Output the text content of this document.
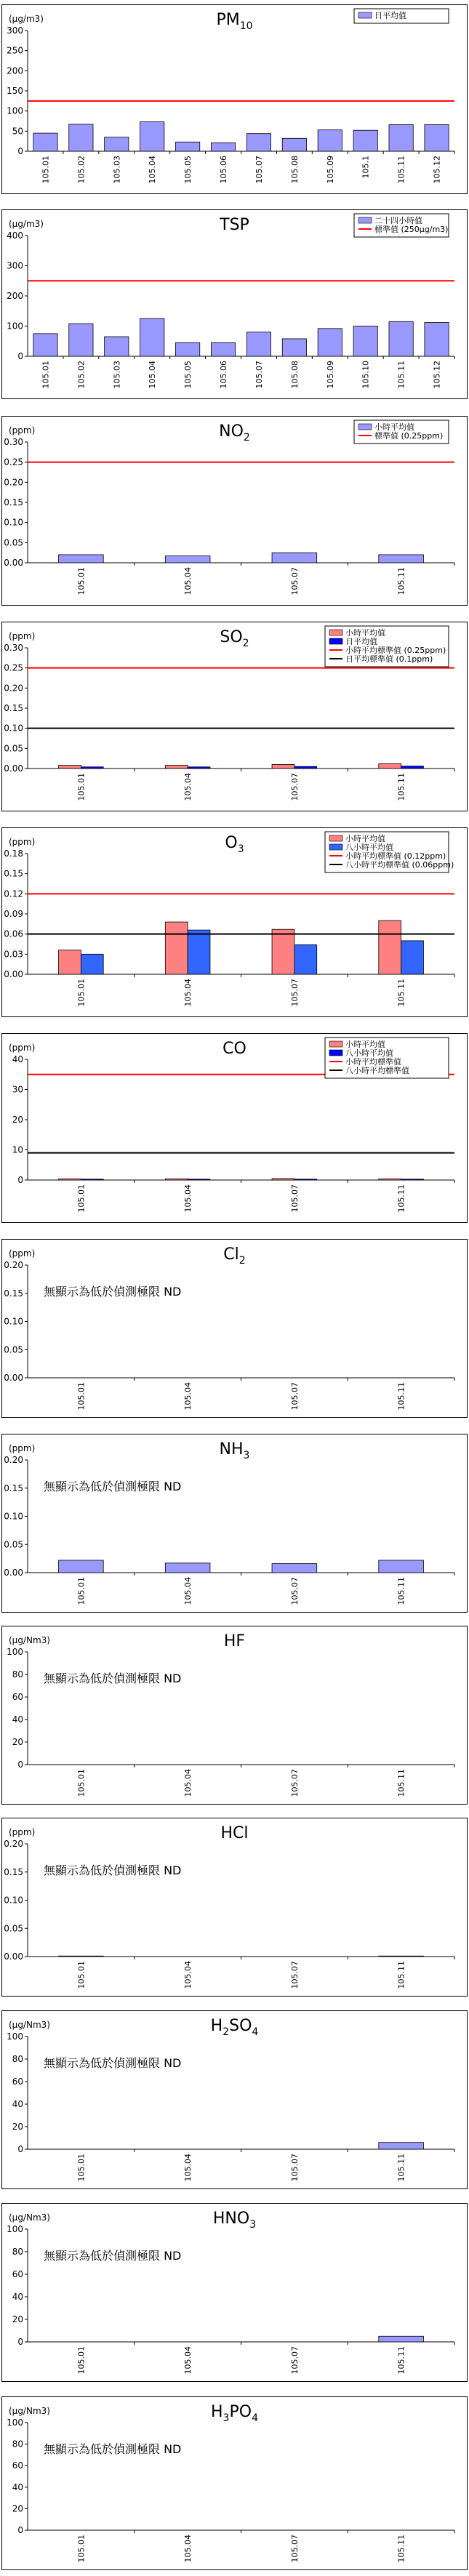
$PM_{10}$
(μg/m3)
0
50
100
150
200
250
300
105.01	105.02	105.03	105.04	105.05	105.06	105.07	105.08	105.09	105.1	105.11	105.12
日平均值
TSP
(μg/m3)
0
100
200
300
400
105.01	105.02	105.03	105.04	105.05	105.06	105.07	105.08	105.09	105.10	105.11	105.12
二十四小時值
標準值 (250μg/m3)
$NO_2$
(ppm)
0.00
0.05
0.10
0.15
0.20
0.25
0.30
105.01	105.04	105.07	105.11
小時平均值
標準值 (0.25ppm)
$SO_2$
(ppm)
0.00
0.05
0.10
0.15
0.20
0.25
0.30
105.01	105.04	105.07	105.11
小時平均值
日平均值
小時平均標準值 (0.25ppm)
日平均標準值 (0.1ppm)
$O_3$
(ppm)
0.00
0.03
0.06
0.09
0.12
0.15
0.18
105.01	105.04	105.07	105.11
小時平均值
八小時平均值
小時平均標準值 (0.12ppm)
八小時平均標準值 (0.06ppm)
CO
(ppm)
0
10
20
30
40
105.01	105.04	105.07	105.11
小時平均值
八小時平均值
小時平均標準值
八小時平均標準值
$Cl_2$
(ppm)
0.00
0.05
0.10
0.15
0.20
105.01	105.04	105.07	105.11
無顯示為低於偵測極限 ND
$NH_3$
(ppm)
0.00
0.05
0.10
0.15
0.20
105.01	105.04	105.07	105.11
無顯示為低於偵測極限 ND
HF
(μg/Nm3)
0
20
40
60
80
100
105.01	105.04	105.07	105.11
無顯示為低於偵測極限 ND
HCl
(ppm)
0.00
0.05
0.10
0.15
0.20
105.01	105.04	105.07	105.11
無顯示為低於偵測極限 ND
$H_2SO_4$
(μg/Nm3)
0
20
40
60
80
100
105.01	105.04	105.07	105.11
無顯示為低於偵測極限 ND
$HNO_3$
(μg/Nm3)
0
20
40
60
80
100
105.01	105.04	105.07	105.11
無顯示為低於偵測極限 ND
$H_3PO_4$
(μg/Nm3)
0
20
40
60
80
100
105.01	105.04	105.07	105.11
無顯示為低於偵測極限 ND
